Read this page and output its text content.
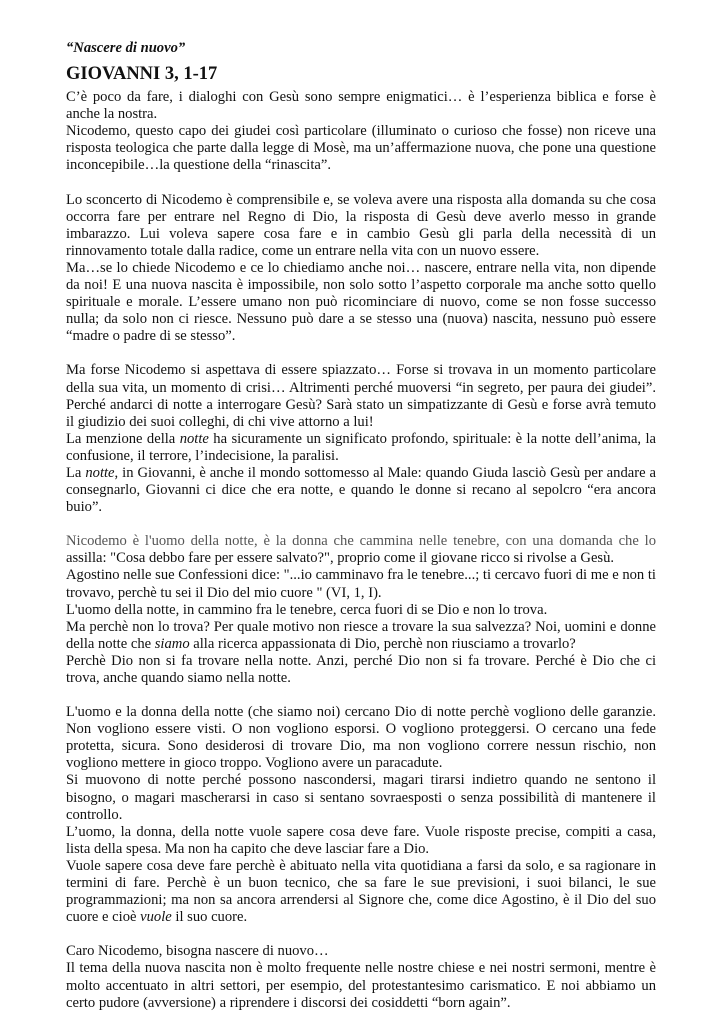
“Nascere di nuovo”
GIOVANNI 3, 1-17

C’è poco da fare, i dialoghi con Gesù sono sempre enigmatici… è l’esperienza biblica e forse è anche la nostra.

Nicodemo, questo capo dei giudei così particolare (illuminato o curioso che fosse) non riceve una risposta teologica che parte dalla legge di Mosè, ma un’affermazione nuova, che pone una questione inconcepibile…la questione della “rinascita”.

Lo sconcerto di Nicodemo è comprensibile e, se voleva avere una risposta alla domanda su che cosa occorra fare per entrare nel Regno di Dio, la risposta di Gesù deve averlo messo in grande imbarazzo. Lui voleva sapere cosa fare e in cambio Gesù gli parla della necessità di un rinnovamento totale dalla radice, come un entrare nella vita con un nuovo essere.

Ma…se lo chiede Nicodemo e ce lo chiediamo anche noi… nascere, entrare nella vita, non dipende da noi! E una nuova nascita è impossibile, non solo sotto l’aspetto corporale ma anche sotto quello spirituale e morale. L’essere umano non può ricominciare di nuovo, come se non fosse successo nulla; da solo non ci riesce. Nessuno può dare a se stesso una (nuova) nascita, nessuno può essere “madre o padre di se stesso”.

Ma forse Nicodemo si aspettava di essere spiazzato… Forse si trovava in un momento particolare della sua vita, un momento di crisi… Altrimenti perché muoversi “in segreto, per paura dei giudei”. Perché andarci di notte a interrogare Gesù? Sarà stato un simpatizzante di Gesù e forse avrà temuto il giudizio dei suoi colleghi, di chi vive attorno a lui!

La menzione della notte ha sicuramente un significato profondo, spirituale: è la notte dell’anima, la confusione, il terrore, l’indecisione, la paralisi.

La notte, in Giovanni, è anche il mondo sottomesso al Male: quando Giuda lasciò Gesù per andare a consegnarlo, Giovanni ci dice che era notte, e quando le donne si recano al sepolcro “era ancora buio”.

Nicodemo è l'uomo della notte, è la donna che cammina nelle tenebre, con una domanda che lo assilla: "Cosa debbo fare per essere salvato?", proprio come il giovane ricco si rivolse a Gesù.

Agostino nelle sue Confessioni dice: "...io camminavo fra le tenebre...; ti cercavo fuori di me e non ti trovavo, perchè tu sei il Dio del mio cuore " (VI, 1, I).

L'uomo della notte, in cammino fra le tenebre, cerca fuori di se Dio e non lo trova.

Ma perchè non lo trova? Per quale motivo non riesce a trovare la sua salvezza? Noi, uomini e donne della notte che siamo alla ricerca appassionata di Dio, perchè non riusciamo a trovarlo?

Perchè Dio non si fa trovare nella notte. Anzi, perché Dio non si fa trovare. Perché è Dio che ci trova, anche quando siamo nella notte.

L'uomo e la donna della notte (che siamo noi) cercano Dio di notte perchè vogliono delle garanzie. Non vogliono essere visti. O non vogliono esporsi. O vogliono proteggersi. O cercano una fede protetta, sicura. Sono desiderosi di trovare Dio, ma non vogliono correre nessun rischio, non vogliono mettere in gioco troppo. Vogliono avere un paracadute.

Si muovono di notte perché possono nascondersi, magari tirarsi indietro quando ne sentono il bisogno, o magari mascherarsi in caso si sentano sovraesposti o senza possibilità di mantenere il controllo.

L’uomo, la donna, della notte vuole sapere cosa deve fare. Vuole risposte precise, compiti a casa, lista della spesa. Ma non ha capito che deve lasciar fare a Dio.

Vuole sapere cosa deve fare perchè è abituato nella vita quotidiana a farsi da solo, e sa ragionare in termini di fare. Perchè è un buon tecnico, che sa fare le sue previsioni, i suoi bilanci, le sue programmazioni; ma non sa ancora arrendersi al Signore che, come dice Agostino, è il Dio del suo cuore e cioè vuole il suo cuore.

Caro Nicodemo, bisogna nascere di nuovo…

Il tema della nuova nascita non è molto frequente nelle nostre chiese e nei nostri sermoni, mentre è molto accentuato in altri settori, per esempio, del protestantesimo carismatico. E noi abbiamo un certo pudore (avversione) a riprendere i discorsi dei cosiddetti “born again”.
